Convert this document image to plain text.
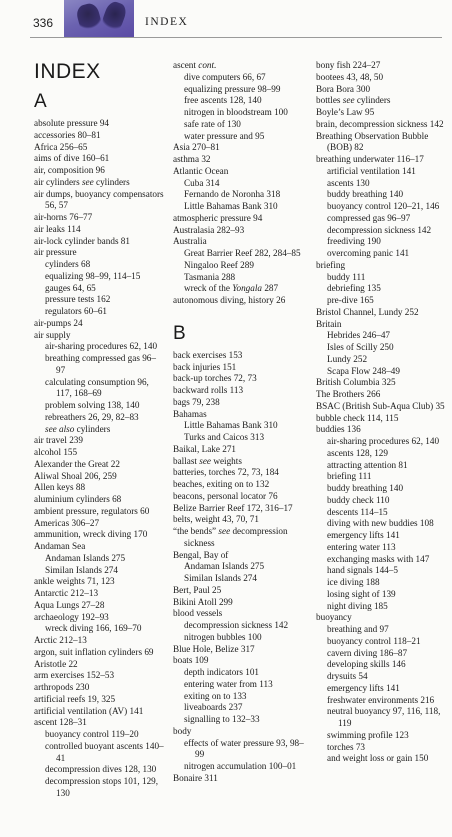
336	INDEX
INDEX
A
absolute pressure 94
accessories 80–81
Africa 256–65
aims of dive 160–61
air, composition 96
air cylinders see cylinders
air dumps, buoyancy compensators 56, 57
air-horns 76–77
air leaks 114
air-lock cylinder bands 81
air pressure
cylinders 68
equalizing 98–99, 114–15
gauges 64, 65
pressure tests 162
regulators 60–61
air-pumps 24
air supply
air-sharing procedures 62, 140
breathing compressed gas 96–97
calculating consumption 96, 117, 168–69
problem solving 138, 140
rebreathers 26, 29, 82–83
see also cylinders
air travel 239
alcohol 155
Alexander the Great 22
Aliwal Shoal 206, 259
Allen keys 88
aluminium cylinders 68
ambient pressure, regulators 60
Americas 306–27
ammunition, wreck diving 170
Andaman Sea
Andaman Islands 275
Similan Islands 274
ankle weights 71, 123
Antarctic 212–13
Aqua Lungs 27–28
archaeology 192–93
wreck diving 166, 169–70
Arctic 212–13
argon, suit inflation cylinders 69
Aristotle 22
arm exercises 152–53
arthropods 230
artificial reefs 19, 325
artificial ventilation (AV) 141
ascent 128–31
buoyancy control 119–20
controlled buoyant ascents 140–41
decompression dives 128, 130
decompression stops 101, 129, 130
ascent cont.
dive computers 66, 67
equalizing pressure 98–99
free ascents 128, 140
nitrogen in bloodstream 100
safe rate of 130
water pressure and 95
Asia 270–81
asthma 32
Atlantic Ocean
Cuba 314
Fernando de Noronha 318
Little Bahamas Bank 310
atmospheric pressure 94
Australasia 282–93
Australia
Great Barrier Reef 282, 284–85
Ningaloo Reef 289
Tasmania 288
wreck of the Yongala 287
autonomous diving, history 26
B
back exercises 153
back injuries 151
back-up torches 72, 73
backward rolls 113
bags 79, 238
Bahamas
Little Bahamas Bank 310
Turks and Caicos 313
Baikal, Lake 271
ballast see weights
batteries, torches 72, 73, 184
beaches, exiting on to 132
beacons, personal locator 76
Belize Barrier Reef 172, 316–17
belts, weight 43, 70, 71
“the bends” see decompression sickness
Bengal, Bay of
Andaman Islands 275
Similan Islands 274
Bert, Paul 25
Bikini Atoll 299
blood vessels
decompression sickness 142
nitrogen bubbles 100
Blue Hole, Belize 317
boats 109
depth indicators 101
entering water from 113
exiting on to 133
liveaboards 237
signalling to 132–33
body
effects of water pressure 93, 98–99
nitrogen accumulation 100–01
Bonaire 311
bony fish 224–27
bootees 43, 48, 50
Bora Bora 300
bottles see cylinders
Boyle’s Law 95
brain, decompression sickness 142
Breathing Observation Bubble (BOB) 82
breathing underwater 116–17
artificial ventilation 141
ascents 130
buddy breathing 140
buoyancy control 120–21, 146
compressed gas 96–97
decompression sickness 142
freediving 190
overcoming panic 141
briefing
buddy 111
debriefing 135
pre-dive 165
Bristol Channel, Lundy 252
Britain
Hebrides 246–47
Isles of Scilly 250
Lundy 252
Scapa Flow 248–49
British Columbia 325
The Brothers 266
BSAC (British Sub-Aqua Club) 35
bubble check 114, 115
buddies 136
air-sharing procedures 62, 140
ascents 128, 129
attracting attention 81
briefing 111
buddy breathing 140
buddy check 110
descents 114–15
diving with new buddies 108
emergency lifts 141
entering water 113
exchanging masks with 147
hand signals 144–5
ice diving 188
losing sight of 139
night diving 185
buoyancy
breathing and 97
buoyancy control 118–21
cavern diving 186–87
developing skills 146
drysuits 54
emergency lifts 141
freshwater environments 216
neutral buoyancy 97, 116, 118, 119
swimming profile 123
torches 73
and weight loss or gain 150
